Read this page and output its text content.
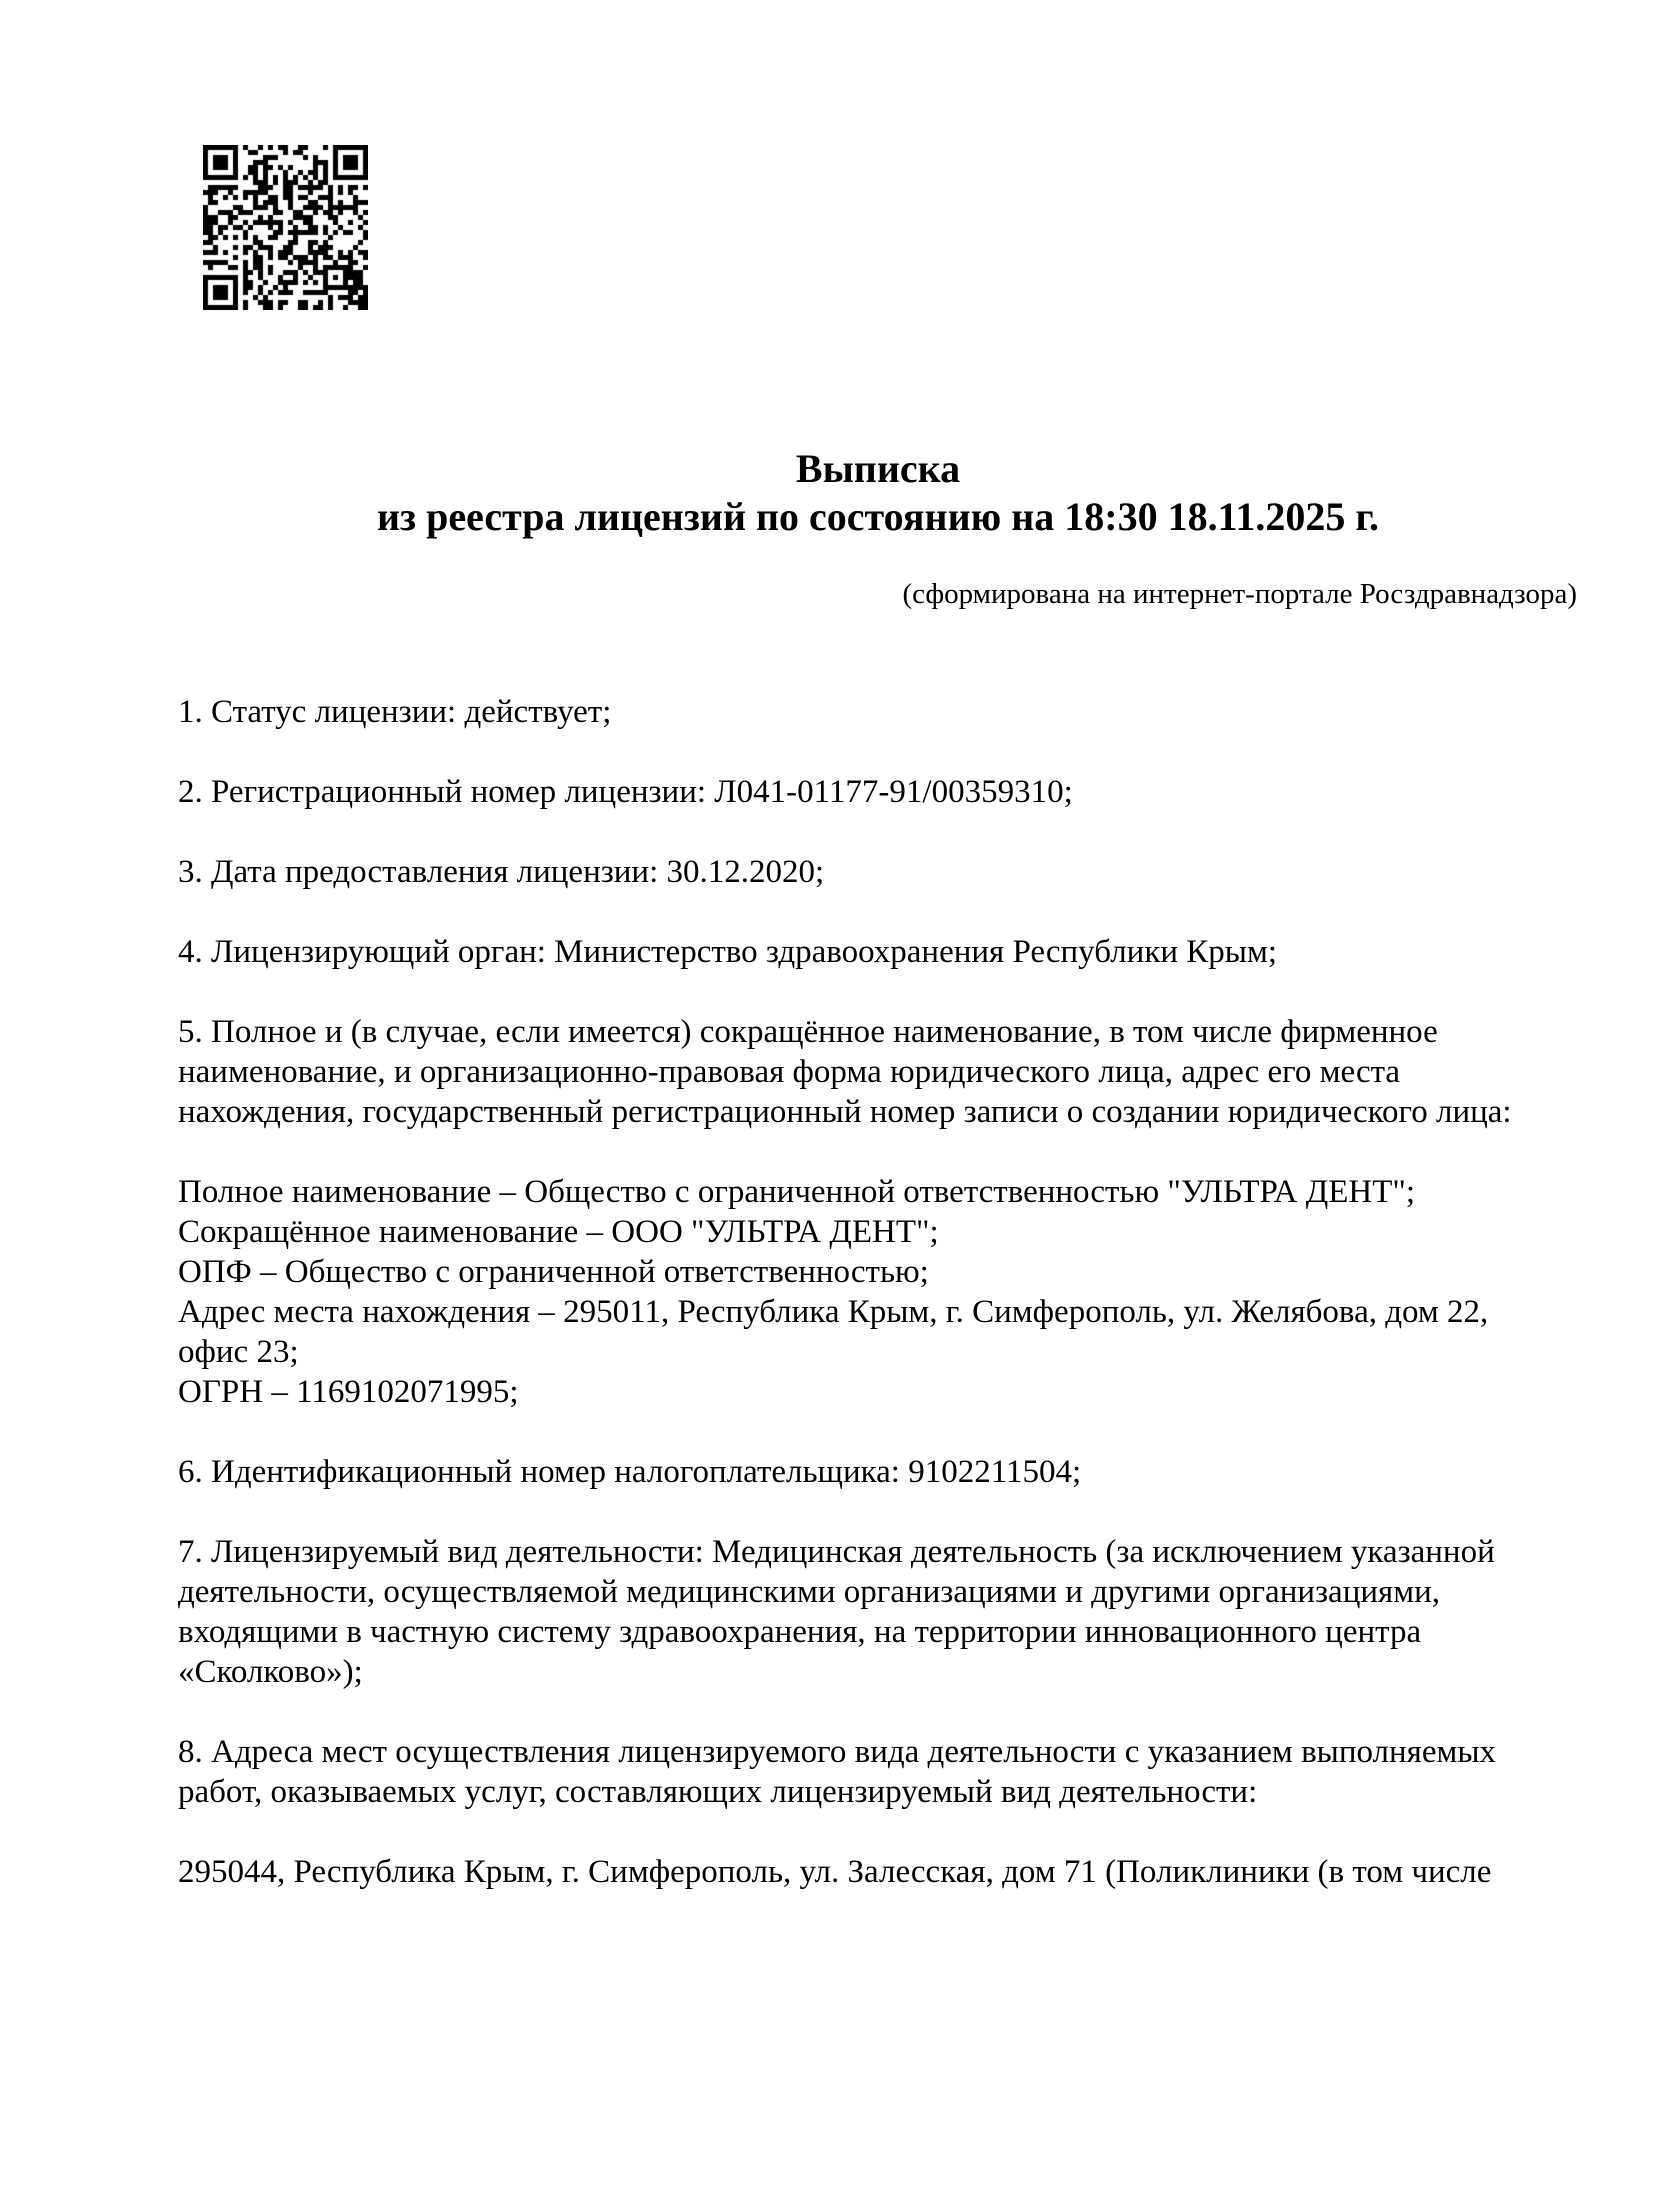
Выписка
из реестра лицензий по состоянию на 18:30 18.11.2025 г.
(сформирована на интернет-портале Росздравнадзора)
1. Статус лицензии: действует;
2. Регистрационный номер лицензии: Л041-01177-91/00359310;
3. Дата предоставления лицензии: 30.12.2020;
4. Лицензирующий орган: Министерство здравоохранения Республики Крым;
5. Полное и (в случае, если имеется) сокращённое наименование, в том числе фирменное
наименование, и организационно-правовая форма юридического лица, адрес его места
нахождения, государственный регистрационный номер записи о создании юридического лица:
Полное наименование – Общество с ограниченной ответственностью "УЛЬТРА ДЕНТ";
Сокращённое наименование – ООО "УЛЬТРА ДЕНТ";
ОПФ – Общество с ограниченной ответственностью;
Адрес места нахождения – 295011, Республика Крым, г. Симферополь, ул. Желябова, дом 22,
офис 23;
ОГРН – 1169102071995;
6. Идентификационный номер налогоплательщика: 9102211504;
7. Лицензируемый вид деятельности: Медицинская деятельность (за исключением указанной
деятельности, осуществляемой медицинскими организациями и другими организациями,
входящими в частную систему здравоохранения, на территории инновационного центра
«Сколково»);
8. Адреса мест осуществления лицензируемого вида деятельности с указанием выполняемых
работ, оказываемых услуг, составляющих лицензируемый вид деятельности:
295044, Республика Крым, г. Симферополь, ул. Залесская, дом 71 (Поликлиники (в том числе
